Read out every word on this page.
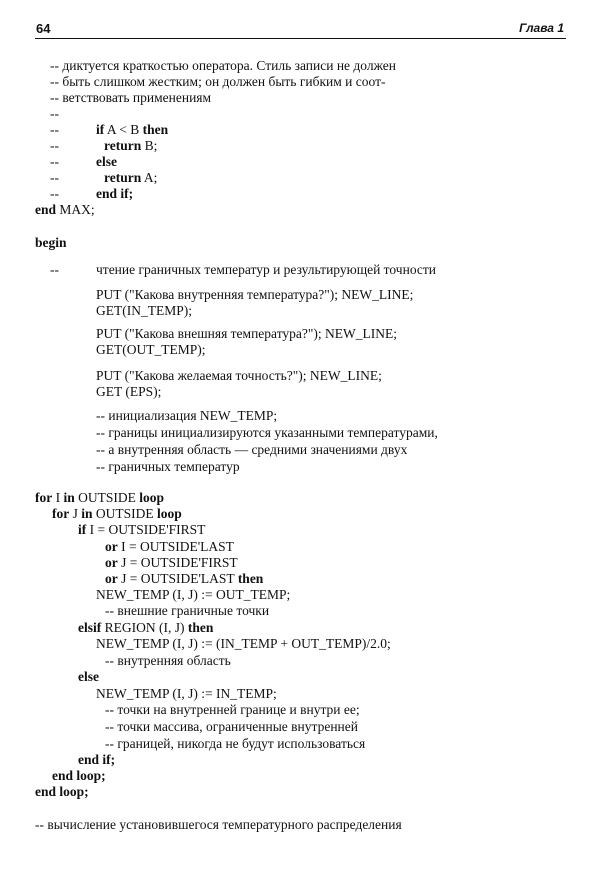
64	Глава 1
-- диктуется краткостью оператора. Стиль записи не должен
-- быть слишком жестким; он должен быть гибким и соот-
-- ветствовать применениям
--
--	if A < B then
--	return B;
--	else
--	return A;
--	end if;
end MAX;
begin
--	чтение граничных температур и результирующей точности
PUT ("Какова внутренняя температура?"); NEW_LINE;
GET(IN_TEMP);
PUT ("Какова внешняя температура?"); NEW_LINE;
GET(OUT_TEMP);
PUT ("Какова желаемая точность?"); NEW_LINE;
GET (EPS);
-- инициализация NEW_TEMP;
-- границы инициализируются указанными температурами,
-- а внутренняя область — средними значениями двух
-- граничных температур
for I in OUTSIDE loop
for J in OUTSIDE loop
if I = OUTSIDE'FIRST
or I = OUTSIDE'LAST
or J = OUTSIDE'FIRST
or J = OUTSIDE'LAST then
NEW_TEMP (I, J) := OUT_TEMP;
-- внешние граничные точки
elsif REGION (I, J) then
NEW_TEMP (I, J) := (IN_TEMP + OUT_TEMP)/2.0;
-- внутренняя область
else
NEW_TEMP (I, J) := IN_TEMP;
-- точки на внутренней границе и внутри ее;
-- точки массива, ограниченные внутренней
-- границей, никогда не будут использоваться
end if;
end loop;
end loop;
-- вычисление установившегося температурного распределения
